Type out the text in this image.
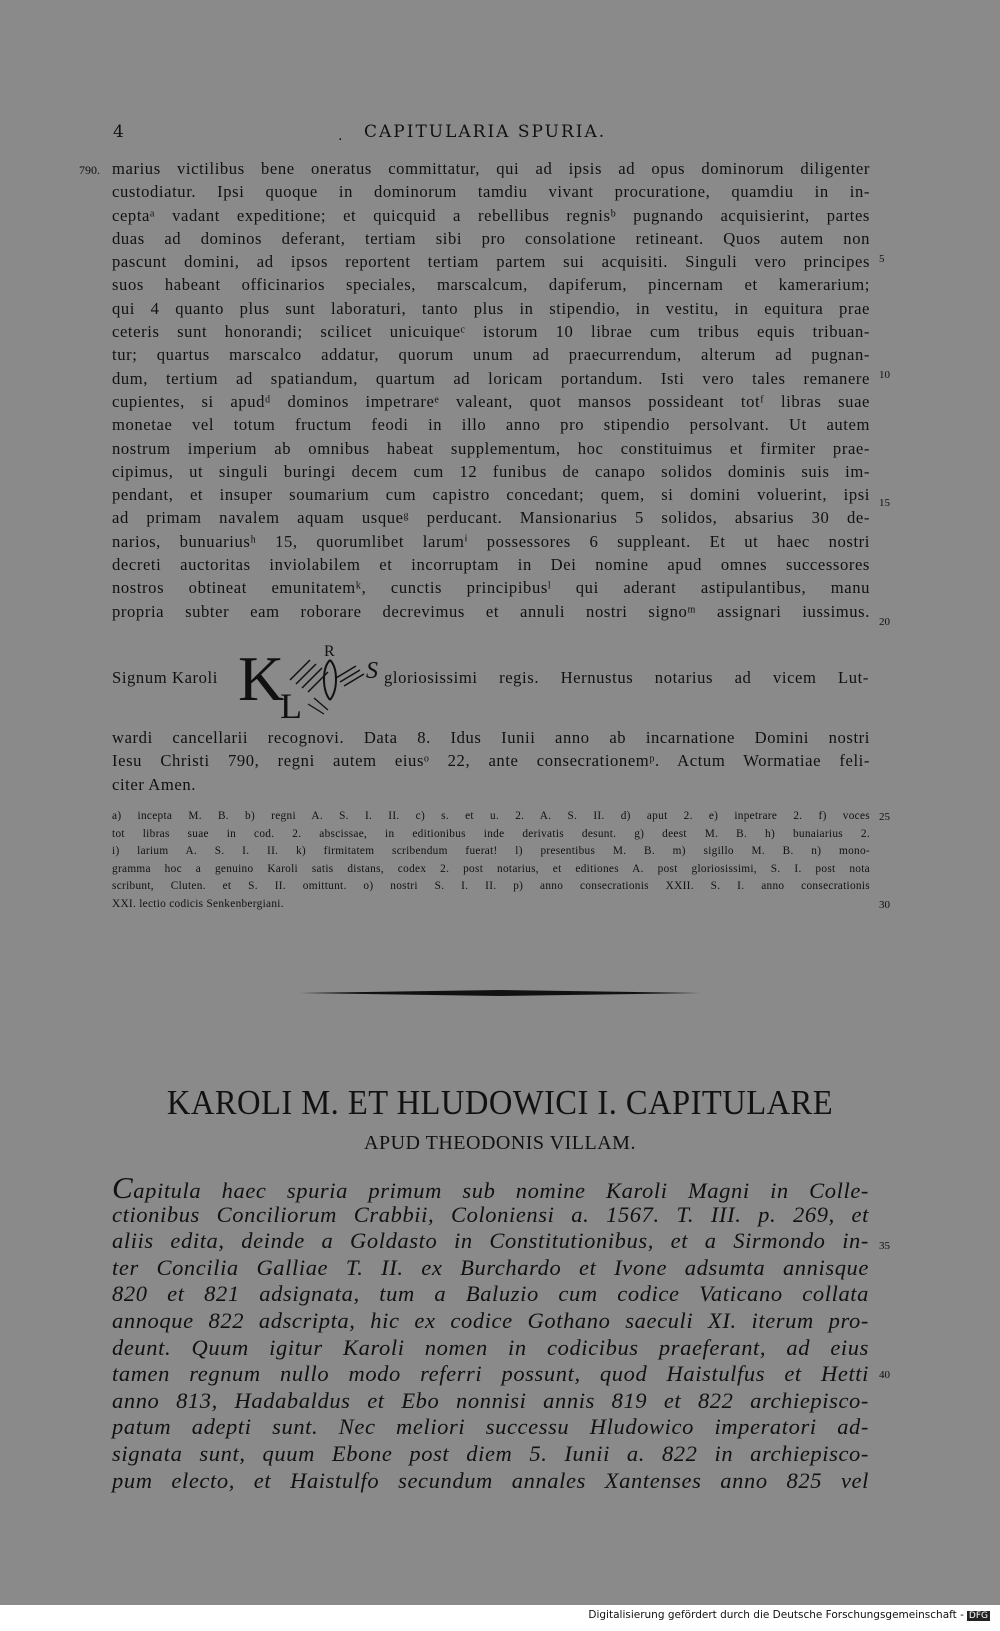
4	. CAPITULARIA SPURIA.
790. marius victilibus bene oneratus committatur, qui ad ipsis ad opus dominorum diligenter
custodiatur. Ipsi quoque in dominorum tamdiu vivant procuratione, quamdiu in in-
ceptaᵃ vadant expeditione; et quicquid a rebellibus regnisᵇ pugnando acquisierint, partes
duas ad dominos deferant, tertiam sibi pro consolatione retineant. Quos autem non
pascunt domini, ad ipsos reportent tertiam partem sui acquisiti. Singuli vero principes
suos habeant officinarios speciales, marscalcum, dapiferum, pincernam et kamerarium;
qui 4 quanto plus sunt laboraturi, tanto plus in stipendio, in vestitu, in equitura prae
ceteris sunt honorandi; scilicet unicuiqueᶜ istorum 10 librae cum tribus equis tribuan-
tur; quartus marscalco addatur, quorum unum ad praecurrendum, alterum ad pugnan-
dum, tertium ad spatiandum, quartum ad loricam portandum. Isti vero tales remanere
cupientes, si apudᵈ dominos impetrareᵉ valeant, quot mansos possideant totᶠ libras suae
monetae vel totum fructum feodi in illo anno pro stipendio persolvant. Ut autem
nostrum imperium ab omnibus habeat supplementum, hoc constituimus et firmiter prae-
cipimus, ut singuli buringi decem cum 12 funibus de canapo solidos dominis suis im-
pendant, et insuper soumarium cum capistro concedant; quem, si domini voluerint, ipsi
ad primam navalem aquam usqueᵍ perducant. Mansionarius 5 solidos, absarius 30 de-
narios, bunuariusʰ 15, quorumlibet larumⁱ possessores 6 suppleant. Et ut haec nostri
decreti auctoritas inviolabilem et incorruptam in Dei nomine apud omnes successores
nostros obtineat emunitatemᵏ, cunctis principibusˡ qui aderant astipulantibus, manu
propria subter eam roborare decrevimus et annuli nostri signoᵐ assignari iussimus.
5
10
15
20
25
30
35
40
Signum Karoli K
L
S
R
gloriosissimi regis. Hernustus notarius ad vicem Lut-
wardi cancellarii recognovi. Data 8. Idus Iunii anno ab incarnatione Domini nostri
Iesu Christi 790, regni autem eiusᵒ 22, ante consecrationemᵖ. Actum Wormatiae feli-
citer Amen.
a) incepta M. B. b) regni A. S. I. II. c) s. et u. 2. A. S. II. d) aput 2. e) inpetrare 2. f) voces
tot libras suae in cod. 2. abscissae, in editionibus inde derivatis desunt. g) deest M. B. h) bunaiarius 2.
i) larium A. S. I. II. k) firmitatem scribendum fuerat! l) presentibus M. B. m) sigillo M. B. n) mono-
gramma hoc a genuino Karoli satis distans, codex 2. post notarius, et editiones A. post gloriosissimi, S. I. post nota
scribunt, Cluten. et S. II. omittunt. o) nostri S. I. II. p) anno consecrationis XXII. S. I. anno consecrationis
XXI. lectio codicis Senkenbergiani.
KAROLI M. ET HLUDOWICI I. CAPITULARE
APUD THEODONIS VILLAM.
Capitula haec spuria primum sub nomine Karoli Magni in Colle-
ctionibus Conciliorum Crabbii, Coloniensi a. 1567. T. III. p. 269, et
aliis edita, deinde a Goldasto in Constitutionibus, et a Sirmondo in-
ter Concilia Galliae T. II. ex Burchardo et Ivone adsumta annisque
820 et 821 adsignata, tum a Baluzio cum codice Vaticano collata
annoque 822 adscripta, hic ex codice Gothano saeculi XI. iterum pro-
deunt. Quum igitur Karoli nomen in codicibus praeferant, ad eius
tamen regnum nullo modo referri possunt, quod Haistulfus et Hetti
anno 813, Hadabaldus et Ebo nonnisi annis 819 et 822 archiepisco-
patum adepti sunt. Nec meliori successu Hludowico imperatori ad-
signata sunt, quum Ebone post diem 5. Iunii a. 822 in archiepisco-
pum electo, et Haistulfo secundum annales Xantenses anno 825 vel
Digitalisierung gefördert durch die Deutsche Forschungsgemeinschaft - DFG
